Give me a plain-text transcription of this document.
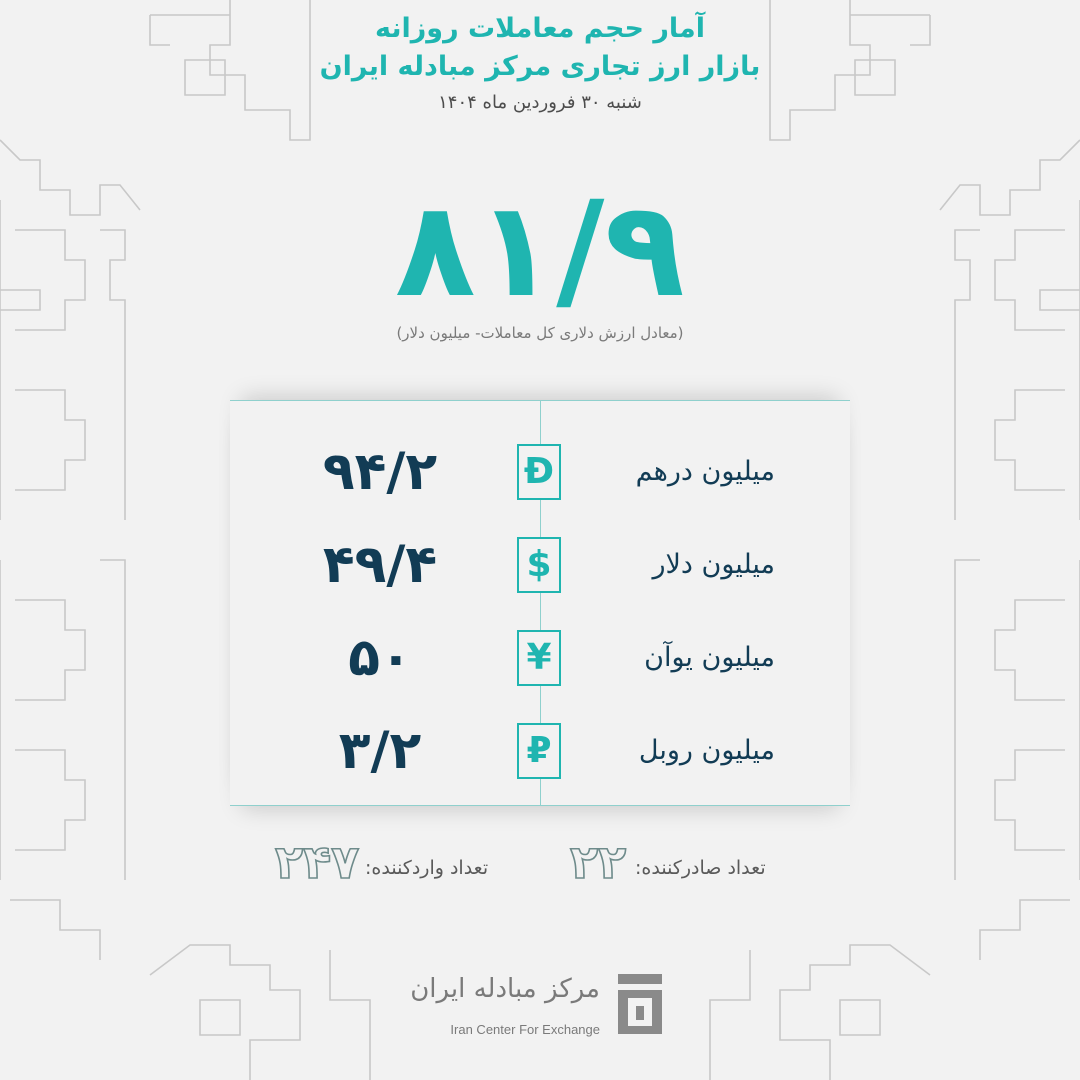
آمار حجم معاملات روزانه
بازار ارز تجاری مرکز مبادله ایران
شنبه ۳۰ فروردین ماه ۱۴۰۴
۸۱/۹
(معادل ارزش دلاری کل معاملات- میلیون دلار)
۹۴/۲	Đ	میلیون درهم
۴۹/۴	$	میلیون دلار
۵۰	¥	میلیون یوآن
۳/۲	₽	میلیون روبل
تعداد صادرکننده:
۲۲
تعداد واردکننده:
۲۴۷
مرکز مبادله ایران
Iran Center For Exchange
